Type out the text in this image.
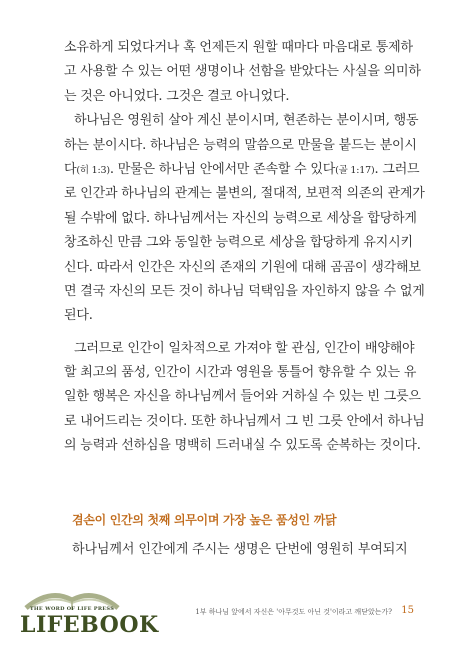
소유하게 되었다거나 혹 언제든지 원할 때마다 마음대로 통제하
고 사용할 수 있는 어떤 생명이나 선함을 받았다는 사실을 의미하
는 것은 아니었다. 그것은 결코 아니었다.
하나님은 영원히 살아 계신 분이시며, 현존하는 분이시며, 행동
하는 분이시다. 하나님은 능력의 말씀으로 만물을 붙드는 분이시
다(히 1:3). 만물은 하나님 안에서만 존속할 수 있다(골 1:17). 그러므
로 인간과 하나님의 관계는 불변의, 절대적, 보편적 의존의 관계가
될 수밖에 없다. 하나님께서는 자신의 능력으로 세상을 합당하게
창조하신 만큼 그와 동일한 능력으로 세상을 합당하게 유지시키
신다. 따라서 인간은 자신의 존재의 기원에 대해 곰곰이 생각해보
면 결국 자신의 모든 것이 하나님 덕택임을 자인하지 않을 수 없게
된다.
그러므로 인간이 일차적으로 가져야 할 관심, 인간이 배양해야
할 최고의 품성, 인간이 시간과 영원을 통틀어 향유할 수 있는 유
일한 행복은 자신을 하나님께서 들어와 거하실 수 있는 빈 그릇으
로 내어드리는 것이다. 또한 하나님께서 그 빈 그릇 안에서 하나님
의 능력과 선하심을 명백히 드러내실 수 있도록 순복하는 것이다.
겸손이 인간의 첫째 의무이며 가장 높은 품성인 까닭
하나님께서 인간에게 주시는 생명은 단번에 영원히 부여되지
THE WORD OF LIFE PRESS
LIFEBOOK	1부 하나님 앞에서 자신은 '아무것도 아닌 것'이라고 깨닫았는가? 15
